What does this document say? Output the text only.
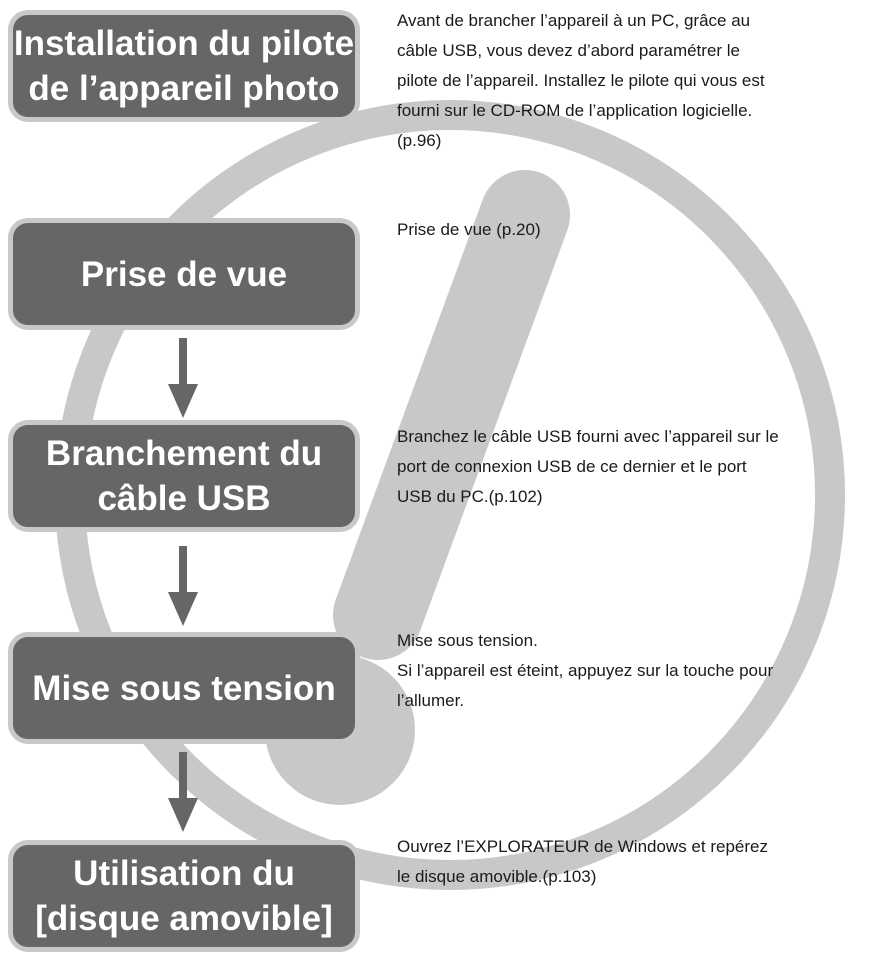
Installation du pilote
de l’appareil photo
Prise de vue
Branchement du
câble USB
Mise sous tension
Utilisation du
[disque amovible]

Avant de brancher l’appareil à un PC, grâce au

câble USB, vous devez d’abord paramétrer le

pilote de l’appareil. Installez le pilote qui vous est

fourni sur le CD-ROM de l’application logicielle.

(p.96)

Prise de vue (p.20)

Branchez le câble USB fourni avec l’appareil sur le

port de connexion USB de ce dernier et le port

USB du PC.(p.102)

Mise sous tension.

Si l’appareil est éteint, appuyez sur la touche pour

l’allumer.

Ouvrez l’EXPLORATEUR de Windows et repérez

le disque amovible.(p.103)
